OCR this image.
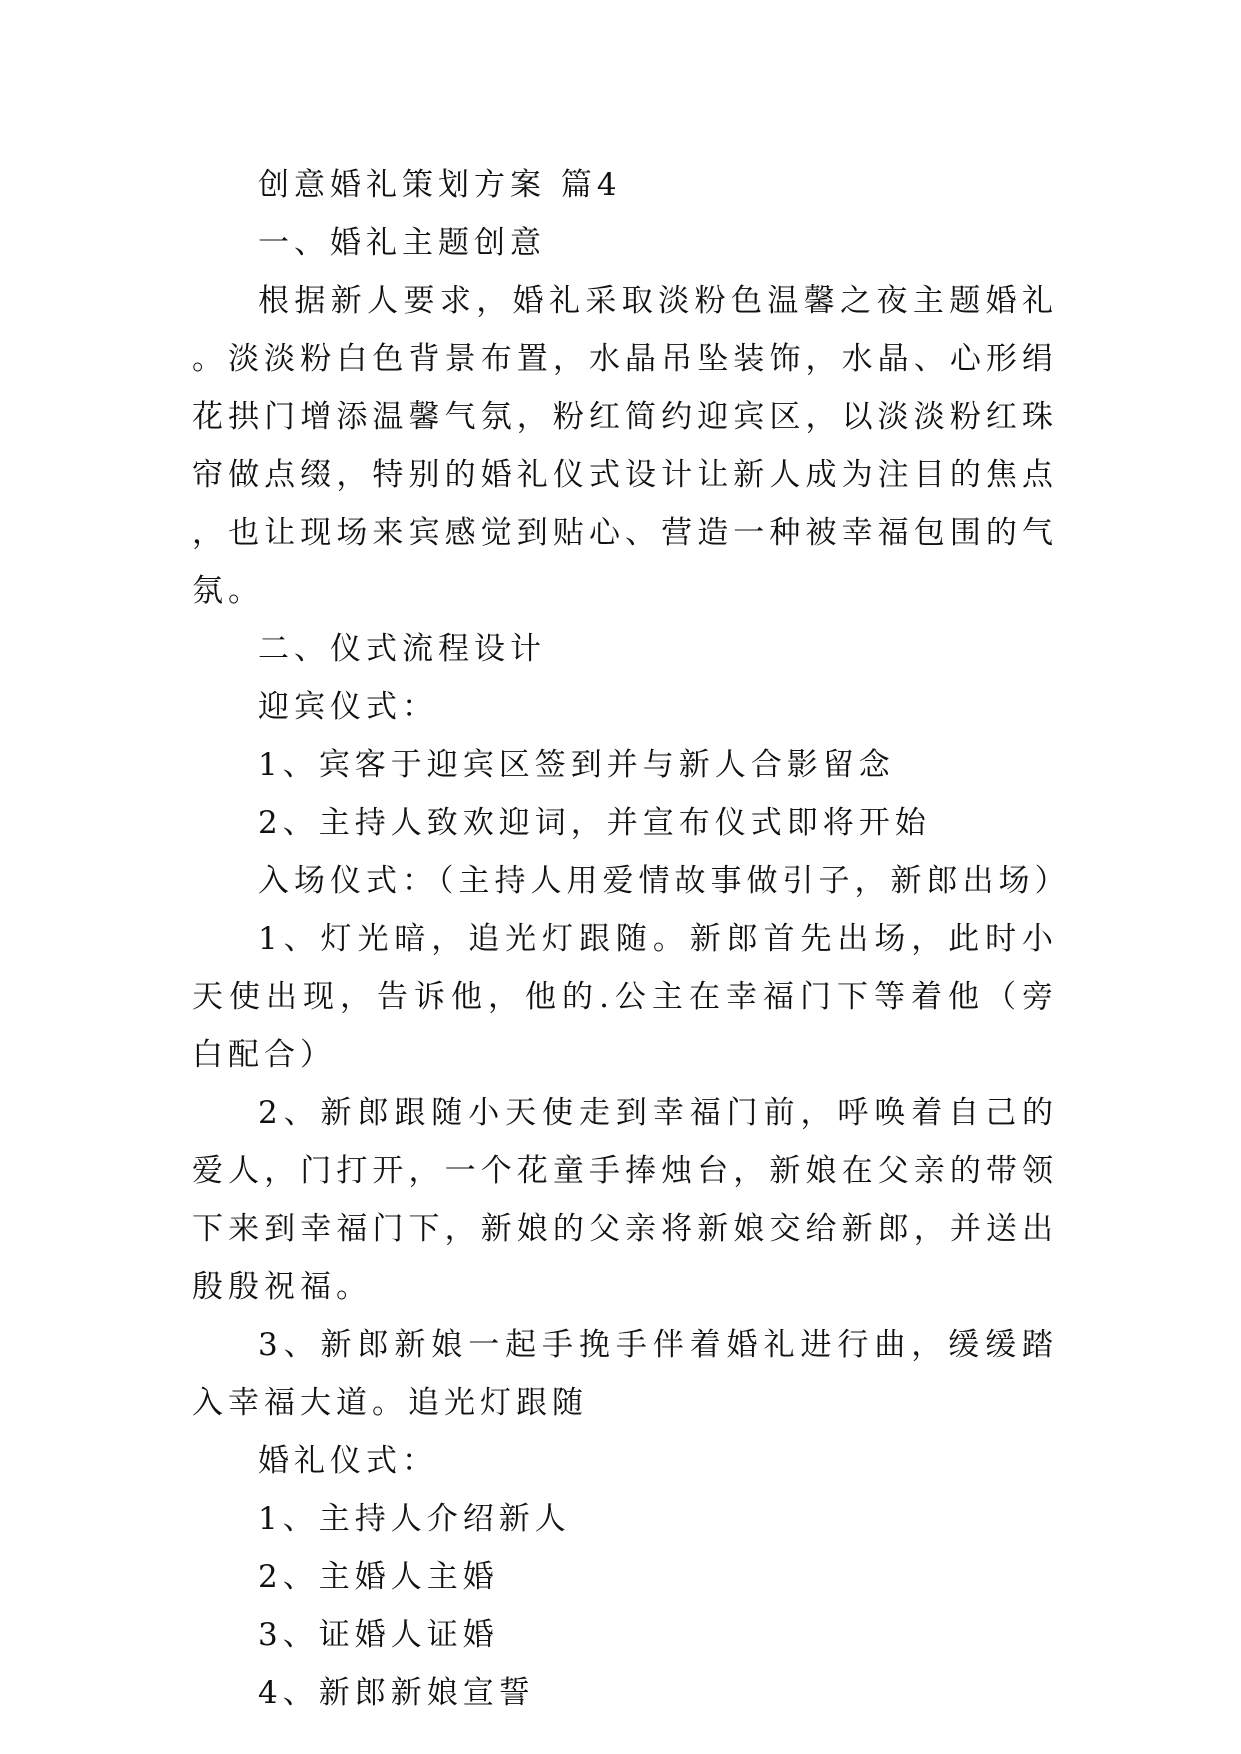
创意婚礼策划方案 篇4

一、婚礼主题创意

根据新人要求，婚礼采取淡粉色温馨之夜主题婚礼。淡淡粉白色背景布置，水晶吊坠装饰，水晶、心形绢花拱门增添温馨气氛，粉红简约迎宾区，以淡淡粉红珠帘做点缀，特别的婚礼仪式设计让新人成为注目的焦点，也让现场来宾感觉到贴心、营造一种被幸福包围的气氛。

二、仪式流程设计

迎宾仪式：

1、宾客于迎宾区签到并与新人合影留念

2、主持人致欢迎词，并宣布仪式即将开始

入场仪式：（主持人用爱情故事做引子，新郎出场）

1、灯光暗，追光灯跟随。新郎首先出场，此时小天使出现，告诉他，他的.公主在幸福门下等着他（旁白配合）

2、新郎跟随小天使走到幸福门前，呼唤着自己的爱人，门打开，一个花童手捧烛台，新娘在父亲的带领下来到幸福门下，新娘的父亲将新娘交给新郎，并送出殷殷祝福。

3、新郎新娘一起手挽手伴着婚礼进行曲，缓缓踏入幸福大道。追光灯跟随

婚礼仪式：

1、主持人介绍新人

2、主婚人主婚

3、证婚人证婚

4、新郎新娘宣誓
